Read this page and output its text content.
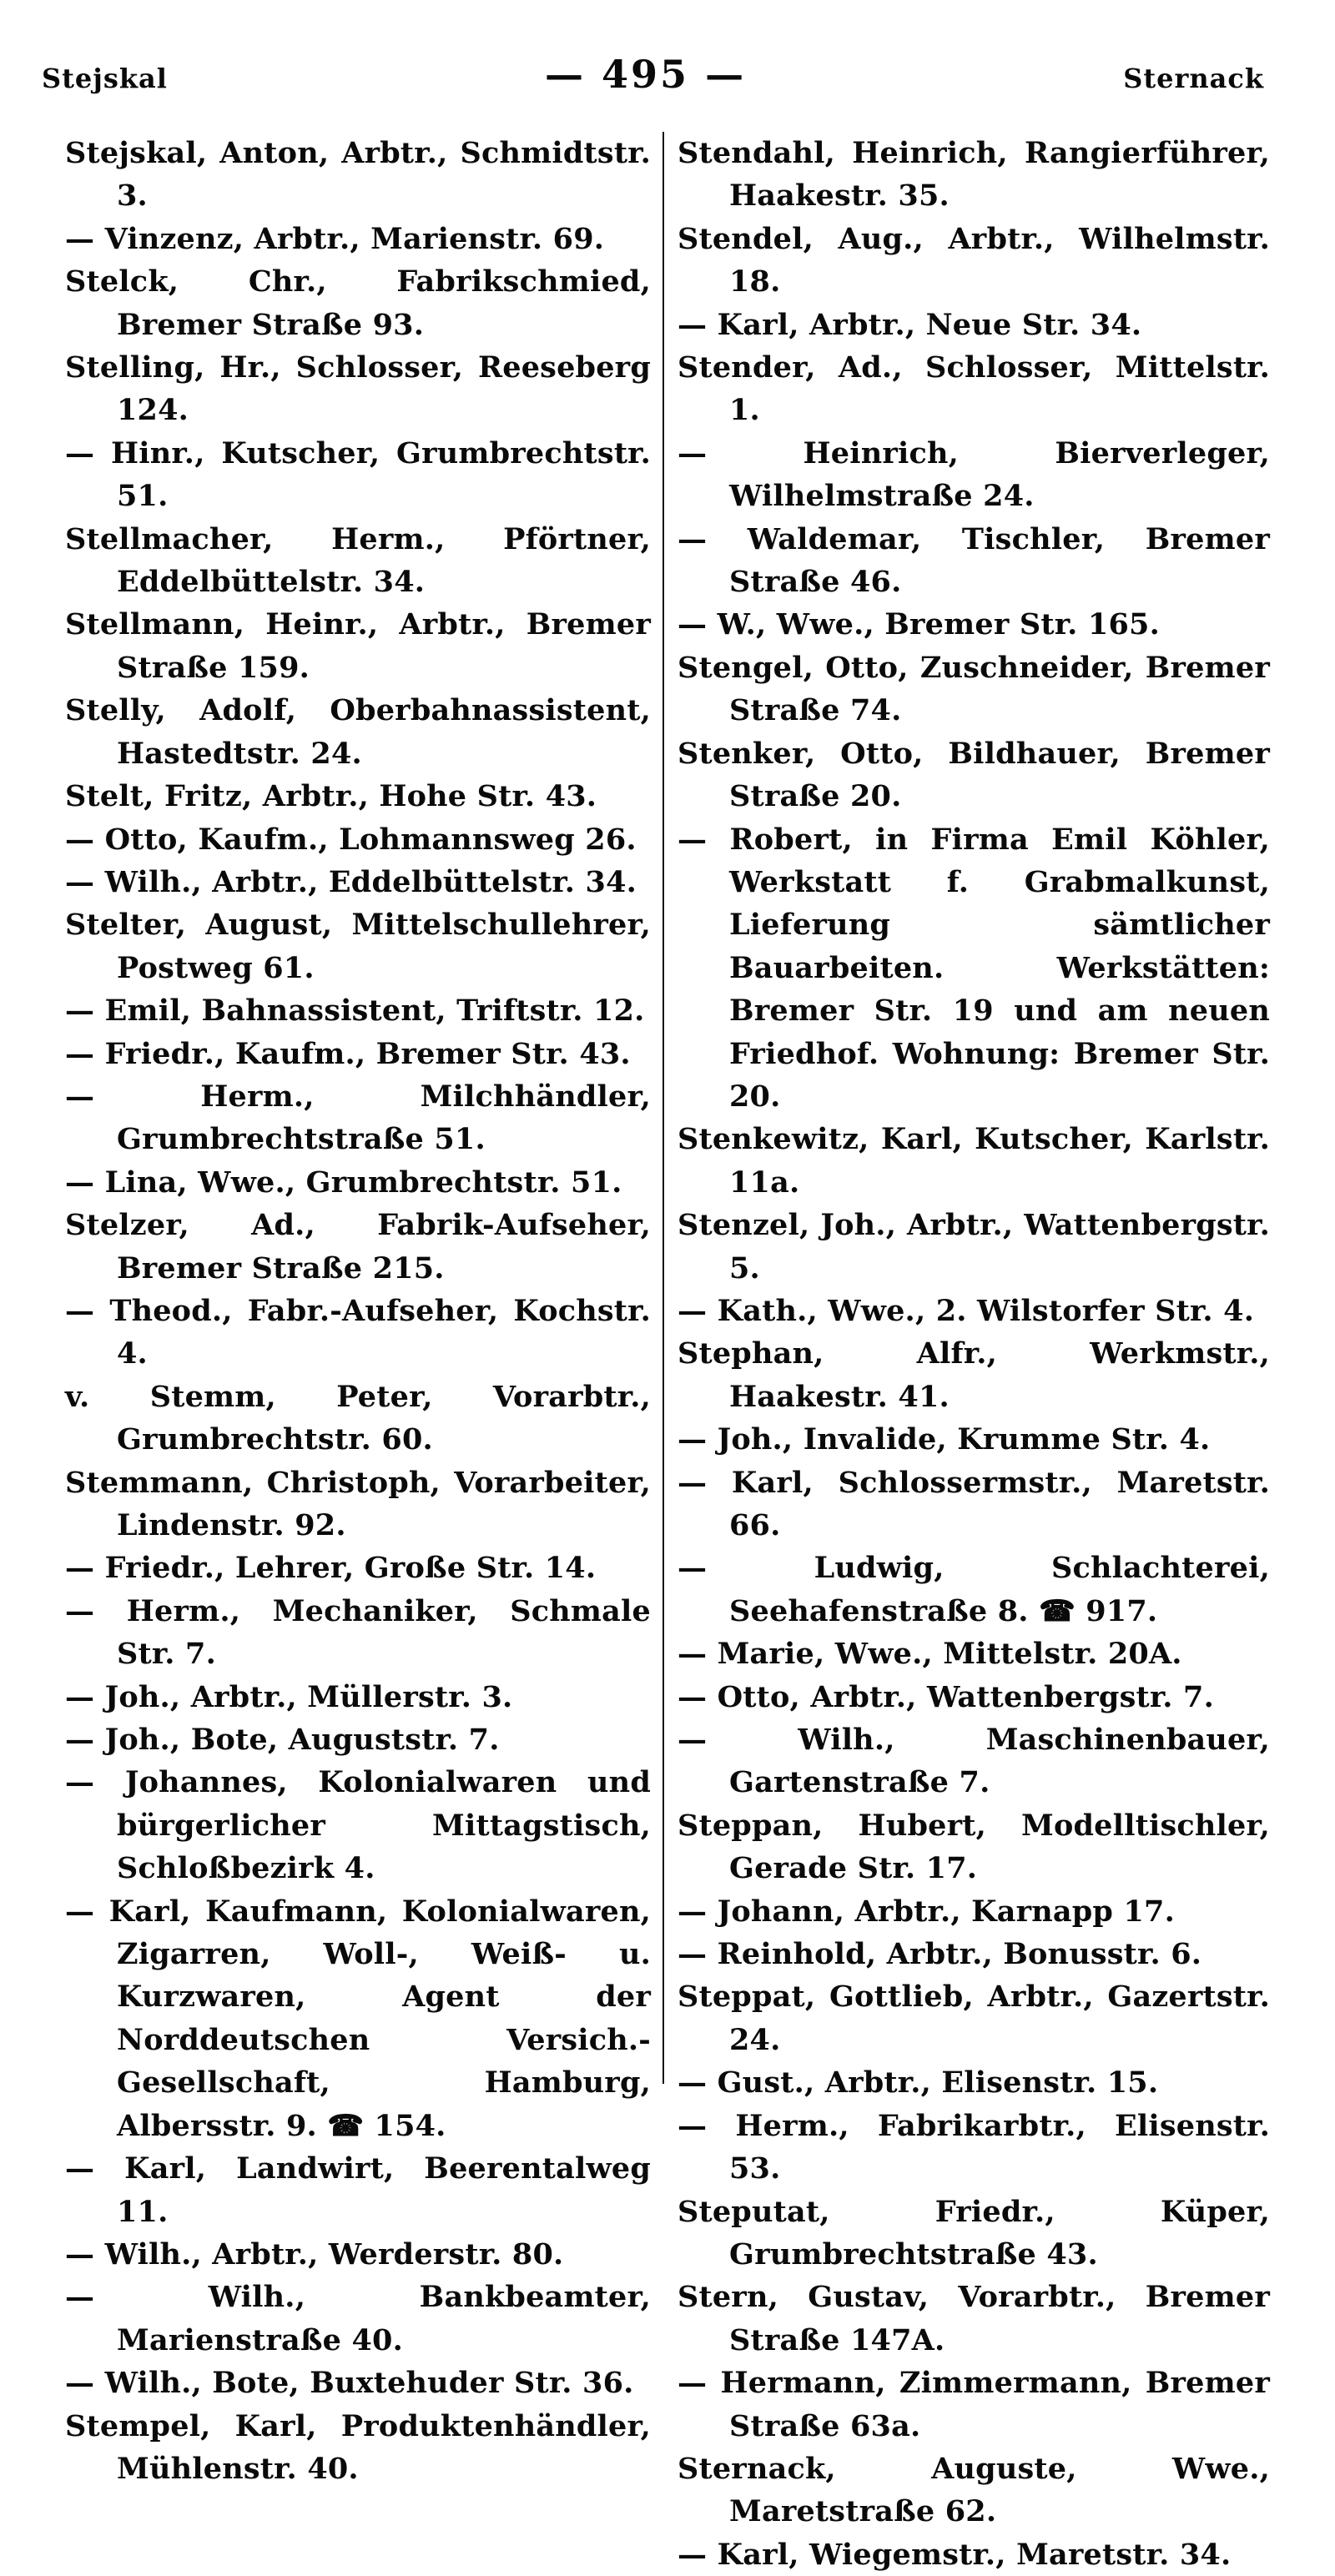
Stejskal	— 495 —	Sternack
Stejskal, Anton, Arbtr., Schmidtstr. 3.
— Vinzenz, Arbtr., Marienstr. 69.
Stelck, Chr., Fabrikschmied, Bremer Straße 93.
Stelling, Hr., Schlosser, Reeseberg 124.
— Hinr., Kutscher, Grumbrechtstr. 51.
Stellmacher, Herm., Pförtner, Eddelbüttelstr. 34.
Stellmann, Heinr., Arbtr., Bremer Straße 159.
Stelly, Adolf, Oberbahnassistent, Hastedtstr. 24.
Stelt, Fritz, Arbtr., Hohe Str. 43.
— Otto, Kaufm., Lohmannsweg 26.
— Wilh., Arbtr., Eddelbüttelstr. 34.
Stelter, August, Mittelschullehrer, Postweg 61.
— Emil, Bahnassistent, Triftstr. 12.
— Friedr., Kaufm., Bremer Str. 43.
— Herm., Milchhändler, Grumbrechtstraße 51.
— Lina, Wwe., Grumbrechtstr. 51.
Stelzer, Ad., Fabrik-Aufseher, Bremer Straße 215.
— Theod., Fabr.-Aufseher, Kochstr. 4.
v. Stemm, Peter, Vorarbtr., Grumbrechtstr. 60.
Stemmann, Christoph, Vorarbeiter, Lindenstr. 92.
— Friedr., Lehrer, Große Str. 14.
— Herm., Mechaniker, Schmale Str. 7.
— Joh., Arbtr., Müllerstr. 3.
— Joh., Bote, Auguststr. 7.
— Johannes, Kolonialwaren und bürgerlicher Mittagstisch, Schloßbezirk 4.
— Karl, Kaufmann, Kolonialwaren, Zigarren, Woll-, Weiß- u. Kurzwaren, Agent der Norddeutschen Versich.-Gesellschaft, Hamburg, Albersstr. 9. ☎ 154.
— Karl, Landwirt, Beerentalweg 11.
— Wilh., Arbtr., Werderstr. 80.
— Wilh., Bankbeamter, Marienstraße 40.
— Wilh., Bote, Buxtehuder Str. 36.
Stempel, Karl, Produktenhändler, Mühlenstr. 40.
Stendahl, Heinrich, Rangierführer, Haakestr. 35.
Stendel, Aug., Arbtr., Wilhelmstr. 18.
— Karl, Arbtr., Neue Str. 34.
Stender, Ad., Schlosser, Mittelstr. 1.
— Heinrich, Bierverleger, Wilhelmstraße 24.
— Waldemar, Tischler, Bremer Straße 46.
— W., Wwe., Bremer Str. 165.
Stengel, Otto, Zuschneider, Bremer Straße 74.
Stenker, Otto, Bildhauer, Bremer Straße 20.
— Robert, in Firma Emil Köhler, Werkstatt f. Grabmalkunst, Lieferung sämtlicher Bauarbeiten. Werkstätten: Bremer Str. 19 und am neuen Friedhof. Wohnung: Bremer Str. 20.
Stenkewitz, Karl, Kutscher, Karlstr. 11a.
Stenzel, Joh., Arbtr., Wattenbergstr. 5.
— Kath., Wwe., 2. Wilstorfer Str. 4.
Stephan, Alfr., Werkmstr., Haakestr. 41.
— Joh., Invalide, Krumme Str. 4.
— Karl, Schlossermstr., Maretstr. 66.
— Ludwig, Schlachterei, Seehafenstraße 8. ☎ 917.
— Marie, Wwe., Mittelstr. 20A.
— Otto, Arbtr., Wattenbergstr. 7.
— Wilh., Maschinenbauer, Gartenstraße 7.
Steppan, Hubert, Modelltischler, Gerade Str. 17.
— Johann, Arbtr., Karnapp 17.
— Reinhold, Arbtr., Bonusstr. 6.
Steppat, Gottlieb, Arbtr., Gazertstr. 24.
— Gust., Arbtr., Elisenstr. 15.
— Herm., Fabrikarbtr., Elisenstr. 53.
Steputat, Friedr., Küper, Grumbrechtstraße 43.
Stern, Gustav, Vorarbtr., Bremer Straße 147A.
— Hermann, Zimmermann, Bremer Straße 63a.
Sternack, Auguste, Wwe., Maretstraße 62.
— Karl, Wiegemstr., Maretstr. 34.
